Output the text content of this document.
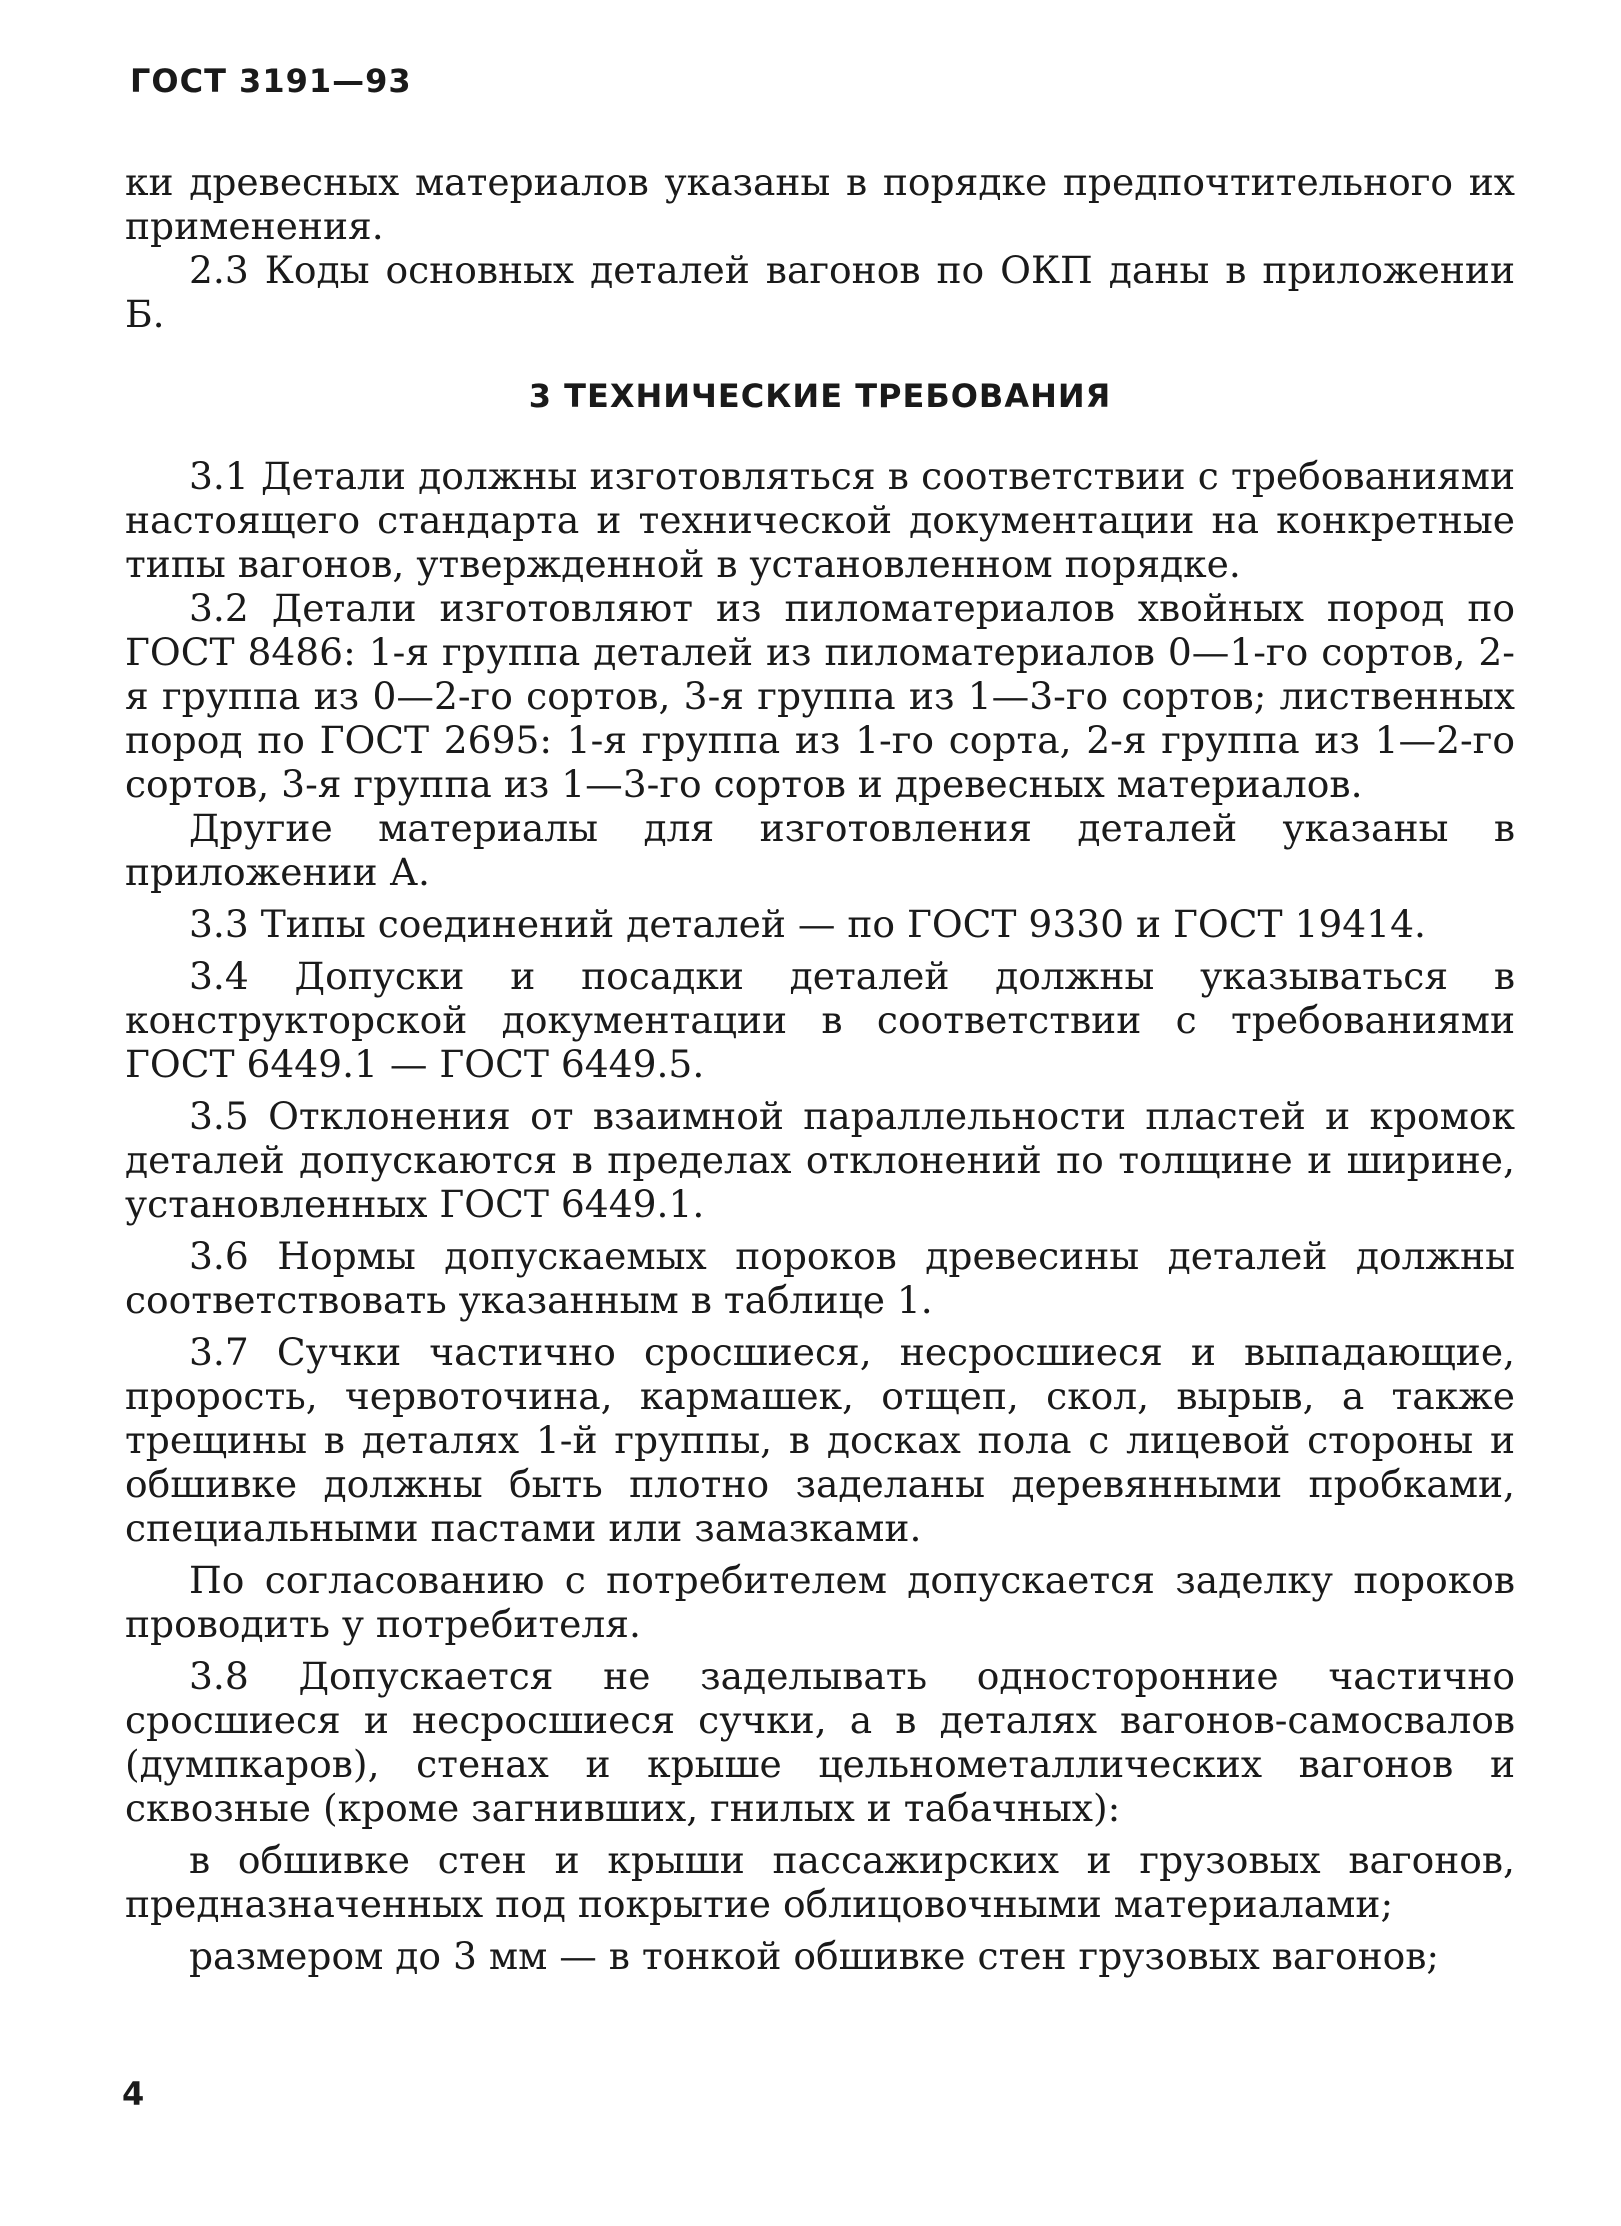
ГОСТ 3191—93

ки древесных материалов указаны в порядке предпочтительного их применения.

2.3 Коды основных деталей вагонов по ОКП даны в приложении Б.

3 ТЕХНИЧЕСКИЕ ТРЕБОВАНИЯ

3.1 Детали должны изготовляться в соответствии с требованиями настоящего стандарта и технической документации на конкретные типы вагонов, утвержденной в установленном порядке.

3.2 Детали изготовляют из пиломатериалов хвойных пород по ГОСТ 8486: 1-я группа деталей из пиломатериалов 0—1-го сортов, 2-я группа из 0—2-го сортов, 3-я группа из 1—3-го сортов; лиственных пород по ГОСТ 2695: 1-я группа из 1-го сорта, 2-я группа из 1—2-го сортов, 3-я группа из 1—3-го сортов и древесных материалов.

Другие материалы для изготовления деталей указаны в приложении А.

3.3 Типы соединений деталей — по ГОСТ 9330 и ГОСТ 19414.

3.4 Допуски и посадки деталей должны указываться в конструкторской документации в соответствии с требованиями ГОСТ 6449.1 — ГОСТ 6449.5.

3.5 Отклонения от взаимной параллельности пластей и кромок деталей допускаются в пределах отклонений по толщине и ширине, установленных ГОСТ 6449.1.

3.6 Нормы допускаемых пороков древесины деталей должны соответствовать указанным в таблице 1.

3.7 Сучки частично сросшиеся, несросшиеся и выпадающие, прорость, червоточина, кармашек, отщеп, скол, вырыв, а также трещины в деталях 1-й группы, в досках пола с лицевой стороны и обшивке должны быть плотно заделаны деревянными пробками, специальными пастами или замазками.

По согласованию с потребителем допускается заделку пороков проводить у потребителя.

3.8 Допускается не заделывать односторонние частично сросшиеся и несросшиеся сучки, а в деталях вагонов-самосвалов (думпкаров), стенах и крыше цельнометаллических вагонов и сквозные (кроме загнивших, гнилых и табачных):

в обшивке стен и крыши пассажирских и грузовых вагонов, предназначенных под покрытие облицовочными материалами;

размером до 3 мм — в тонкой обшивке стен грузовых вагонов;

4
